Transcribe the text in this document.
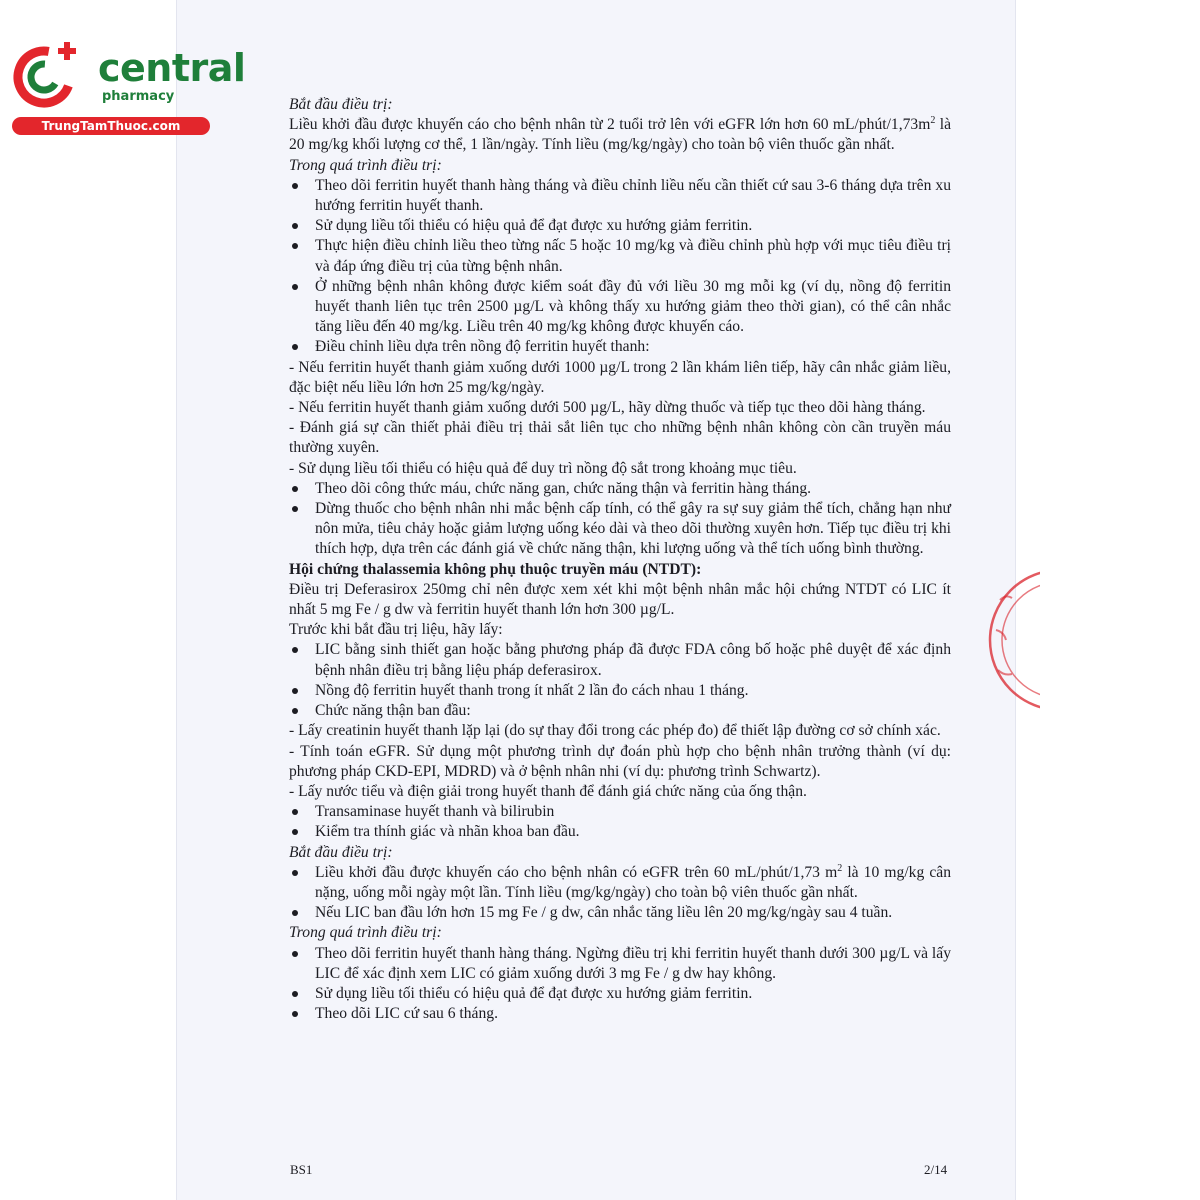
central
pharmacy
TrungTamThuoc.com

Bắt đầu điều trị:

Liều khởi đầu được khuyến cáo cho bệnh nhân từ 2 tuổi trở lên với eGFR lớn hơn 60 $mL/phút/1,73m^2$ là 20 mg/kg khối lượng cơ thể, 1 lần/ngày. Tính liều (mg/kg/ngày) cho toàn bộ viên thuốc gần nhất.

Trong quá trình điều trị:

Theo dõi ferritin huyết thanh hàng tháng và điều chỉnh liều nếu cần thiết cứ sau 3-6 tháng dựa trên xu hướng ferritin huyết thanh.

Sử dụng liều tối thiểu có hiệu quả để đạt được xu hướng giảm ferritin.

Thực hiện điều chỉnh liều theo từng nấc 5 hoặc 10 mg/kg và điều chỉnh phù hợp với mục tiêu điều trị và đáp ứng điều trị của từng bệnh nhân.

Ở những bệnh nhân không được kiểm soát đầy đủ với liều 30 mg mỗi kg (ví dụ, nồng độ ferritin huyết thanh liên tục trên 2500 µg/L và không thấy xu hướng giảm theo thời gian), có thể cân nhắc tăng liều đến 40 mg/kg. Liều trên 40 mg/kg không được khuyến cáo.

Điều chỉnh liều dựa trên nồng độ ferritin huyết thanh:

- Nếu ferritin huyết thanh giảm xuống dưới 1000 µg/L trong 2 lần khám liên tiếp, hãy cân nhắc giảm liều, đặc biệt nếu liều lớn hơn 25 mg/kg/ngày.

- Nếu ferritin huyết thanh giảm xuống dưới 500 µg/L, hãy dừng thuốc và tiếp tục theo dõi hàng tháng.

- Đánh giá sự cần thiết phải điều trị thải sắt liên tục cho những bệnh nhân không còn cần truyền máu thường xuyên.

- Sử dụng liều tối thiểu có hiệu quả để duy trì nồng độ sắt trong khoảng mục tiêu.

Theo dõi công thức máu, chức năng gan, chức năng thận và ferritin hàng tháng.

Dừng thuốc cho bệnh nhân nhi mắc bệnh cấp tính, có thể gây ra sự suy giảm thể tích, chẳng hạn như nôn mửa, tiêu chảy hoặc giảm lượng uống kéo dài và theo dõi thường xuyên hơn. Tiếp tục điều trị khi thích hợp, dựa trên các đánh giá về chức năng thận, khi lượng uống và thể tích uống bình thường.

Hội chứng thalassemia không phụ thuộc truyền máu (NTDT):

Điều trị Deferasirox 250mg chỉ nên được xem xét khi một bệnh nhân mắc hội chứng NTDT có LIC ít nhất 5 mg Fe / g dw và ferritin huyết thanh lớn hơn 300 µg/L.

Trước khi bắt đầu trị liệu, hãy lấy:

LIC bằng sinh thiết gan hoặc bằng phương pháp đã được FDA công bố hoặc phê duyệt để xác định bệnh nhân điều trị bằng liệu pháp deferasirox.

Nồng độ ferritin huyết thanh trong ít nhất 2 lần đo cách nhau 1 tháng.

Chức năng thận ban đầu:

- Lấy creatinin huyết thanh lặp lại (do sự thay đổi trong các phép đo) để thiết lập đường cơ sở chính xác.

- Tính toán eGFR. Sử dụng một phương trình dự đoán phù hợp cho bệnh nhân trưởng thành (ví dụ: phương pháp CKD-EPI, MDRD) và ở bệnh nhân nhi (ví dụ: phương trình Schwartz).

- Lấy nước tiểu và điện giải trong huyết thanh để đánh giá chức năng của ống thận.

Transaminase huyết thanh và bilirubin

Kiểm tra thính giác và nhãn khoa ban đầu.

Bắt đầu điều trị:

Liều khởi đầu được khuyến cáo cho bệnh nhân có eGFR trên 60 mL/phút/1,73 $m^2$ là 10 mg/kg cân nặng, uống mỗi ngày một lần. Tính liều (mg/kg/ngày) cho toàn bộ viên thuốc gần nhất.

Nếu LIC ban đầu lớn hơn 15 mg Fe / g dw, cân nhắc tăng liều lên 20 mg/kg/ngày sau 4 tuần.

Trong quá trình điều trị:

Theo dõi ferritin huyết thanh hàng tháng. Ngừng điều trị khi ferritin huyết thanh dưới 300 µg/L và lấy LIC để xác định xem LIC có giảm xuống dưới 3 mg Fe / g dw hay không.

Sử dụng liều tối thiểu có hiệu quả để đạt được xu hướng giảm ferritin.

Theo dõi LIC cứ sau 6 tháng.

BS1	2/14
